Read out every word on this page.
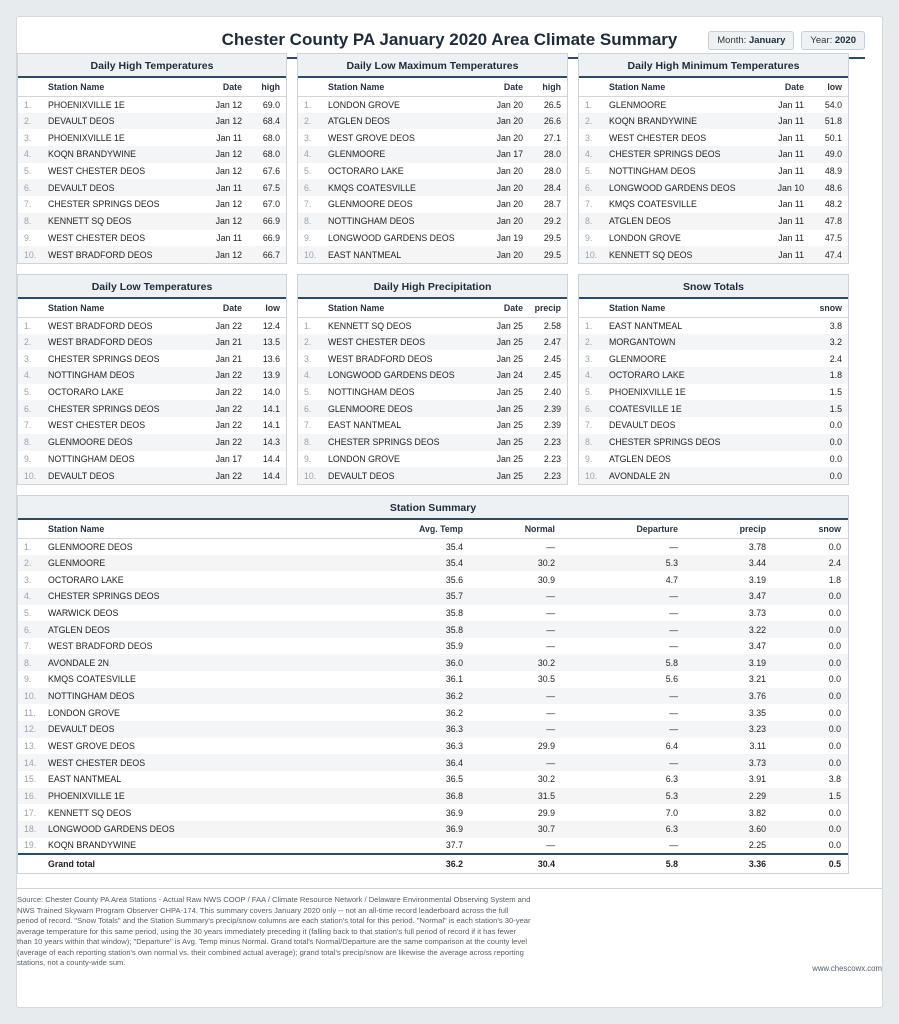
Chester County PA January 2020 Area Climate Summary	Month: January	Year: 2020
Daily High Temperatures
	Station Name	Date	high
1.	PHOENIXVILLE 1E	Jan 12	69.0
2.	DEVAULT DEOS	Jan 12	68.4
3.	PHOENIXVILLE 1E	Jan 11	68.0
4.	KOQN BRANDYWINE	Jan 12	68.0
5.	WEST CHESTER DEOS	Jan 12	67.6
6.	DEVAULT DEOS	Jan 11	67.5
7.	CHESTER SPRINGS DEOS	Jan 12	67.0
8.	KENNETT SQ DEOS	Jan 12	66.9
9.	WEST CHESTER DEOS	Jan 11	66.9
10.	WEST BRADFORD DEOS	Jan 12	66.7
Daily Low Maximum Temperatures
	Station Name	Date	high
1.	LONDON GROVE	Jan 20	26.5
2.	ATGLEN DEOS	Jan 20	26.6
3.	WEST GROVE DEOS	Jan 20	27.1
4.	GLENMOORE	Jan 17	28.0
5.	OCTORARO LAKE	Jan 20	28.0
6.	KMQS COATESVILLE	Jan 20	28.4
7.	GLENMOORE DEOS	Jan 20	28.7
8.	NOTTINGHAM DEOS	Jan 20	29.2
9.	LONGWOOD GARDENS DEOS	Jan 19	29.5
10.	EAST NANTMEAL	Jan 20	29.5
Daily High Minimum Temperatures
	Station Name	Date	low
1.	GLENMOORE	Jan 11	54.0
2.	KOQN BRANDYWINE	Jan 11	51.8
3.	WEST CHESTER DEOS	Jan 11	50.1
4.	CHESTER SPRINGS DEOS	Jan 11	49.0
5.	NOTTINGHAM DEOS	Jan 11	48.9
6.	LONGWOOD GARDENS DEOS	Jan 10	48.6
7.	KMQS COATESVILLE	Jan 11	48.2
8.	ATGLEN DEOS	Jan 11	47.8
9.	LONDON GROVE	Jan 11	47.5
10.	KENNETT SQ DEOS	Jan 11	47.4
Daily Low Temperatures
	Station Name	Date	low
1.	WEST BRADFORD DEOS	Jan 22	12.4
2.	WEST BRADFORD DEOS	Jan 21	13.5
3.	CHESTER SPRINGS DEOS	Jan 21	13.6
4.	NOTTINGHAM DEOS	Jan 22	13.9
5.	OCTORARO LAKE	Jan 22	14.0
6.	CHESTER SPRINGS DEOS	Jan 22	14.1
7.	WEST CHESTER DEOS	Jan 22	14.1
8.	GLENMOORE DEOS	Jan 22	14.3
9.	NOTTINGHAM DEOS	Jan 17	14.4
10.	DEVAULT DEOS	Jan 22	14.4
Daily High Precipitation
	Station Name	Date	precip
1.	KENNETT SQ DEOS	Jan 25	2.58
2.	WEST CHESTER DEOS	Jan 25	2.47
3.	WEST BRADFORD DEOS	Jan 25	2.45
4.	LONGWOOD GARDENS DEOS	Jan 24	2.45
5.	NOTTINGHAM DEOS	Jan 25	2.40
6.	GLENMOORE DEOS	Jan 25	2.39
7.	EAST NANTMEAL	Jan 25	2.39
8.	CHESTER SPRINGS DEOS	Jan 25	2.23
9.	LONDON GROVE	Jan 25	2.23
10.	DEVAULT DEOS	Jan 25	2.23
Snow Totals
	Station Name		snow
1.	EAST NANTMEAL		3.8
2.	MORGANTOWN		3.2
3.	GLENMOORE		2.4
4.	OCTORARO LAKE		1.8
5.	PHOENIXVILLE 1E		1.5
6.	COATESVILLE 1E		1.5
7.	DEVAULT DEOS		0.0
8.	CHESTER SPRINGS DEOS		0.0
9.	ATGLEN DEOS		0.0
10.	AVONDALE 2N		0.0
Station Summary
	Station Name	Avg. Temp	Normal	Departure	precip	snow
1.	GLENMOORE DEOS	35.4	—	—	3.78	0.0
2.	GLENMOORE	35.4	30.2	5.3	3.44	2.4
3.	OCTORARO LAKE	35.6	30.9	4.7	3.19	1.8
4.	CHESTER SPRINGS DEOS	35.7	—	—	3.47	0.0
5.	WARWICK DEOS	35.8	—	—	3.73	0.0
6.	ATGLEN DEOS	35.8	—	—	3.22	0.0
7.	WEST BRADFORD DEOS	35.9	—	—	3.47	0.0
8.	AVONDALE 2N	36.0	30.2	5.8	3.19	0.0
9.	KMQS COATESVILLE	36.1	30.5	5.6	3.21	0.0
10.	NOTTINGHAM DEOS	36.2	—	—	3.76	0.0
11.	LONDON GROVE	36.2	—	—	3.35	0.0
12.	DEVAULT DEOS	36.3	—	—	3.23	0.0
13.	WEST GROVE DEOS	36.3	29.9	6.4	3.11	0.0
14.	WEST CHESTER DEOS	36.4	—	—	3.73	0.0
15.	EAST NANTMEAL	36.5	30.2	6.3	3.91	3.8
16.	PHOENIXVILLE 1E	36.8	31.5	5.3	2.29	1.5
17.	KENNETT SQ DEOS	36.9	29.9	7.0	3.82	0.0
18.	LONGWOOD GARDENS DEOS	36.9	30.7	6.3	3.60	0.0
19.	KOQN BRANDYWINE	37.7	—	—	2.25	0.0
	Grand total	36.2	30.4	5.8	3.36	0.5
Source: Chester County PA Area Stations - Actual Raw NWS COOP / FAA / Climate Resource Network / Delaware Environmental Observing System and NWS Trained Skywarn Program Observer CHPA-174. This summary covers January 2020 only -- not an all-time record leaderboard across the full period of record. "Snow Totals" and the Station Summary's precip/snow columns are each station's total for this period. "Normal" is each station's 30-year average temperature for this same period, using the 30 years immediately preceding it (falling back to that station's full period of record if it has fewer than 10 years within that window); "Departure" is Avg. Temp minus Normal. Grand total's Normal/Departure are the same comparison at the county level (average of each reporting station's own normal vs. their combined actual average); grand total's precip/snow are likewise the average across reporting stations, not a county-wide sum.
www.chescowx.com
